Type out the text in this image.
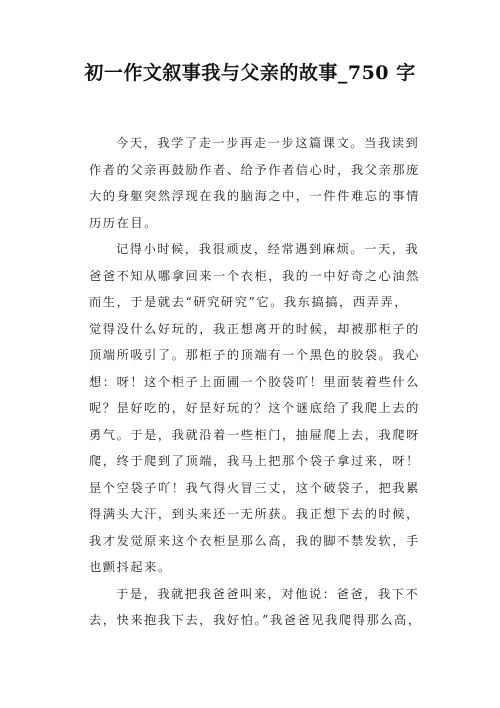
初一作文叙事我与父亲的故事_750 字
今天，我学了走一步再走一步这篇课文。当我读到
作者的父亲再鼓励作者、给予作者信心时，我父亲那庞
大的身躯突然浮现在我的脑海之中，一件件难忘的事情
历历在目。
记得小时候，我很顽皮，经常遇到麻烦。一天，我
爸爸不知从哪拿回来一个衣柜，我的一中好奇之心油然
而生，于是就去“研究研究”它。我东搞搞，西弄弄，
觉得没什么好玩的，我正想离开的时候，却被那柜子的
顶端所吸引了。那柜子的顶端有一个黑色的胶袋。我心
想：呀！这个柜子上面圃一个胶袋吖！里面装着些什么
呢？昰好吃的，好昰好玩的？这个谜底给了我爬上去的
勇气。于是，我就沿着一些柜门，抽屉爬上去，我爬呀
爬，终于爬到了顶端，我马上把那个袋子拿过来，呀！
昰个空袋子吖！我气得火冒三丈，这个破袋子，把我累
得满头大汗，到头来还一无所获。我正想下去的时候，
我才发觉原来这个衣柜昰那么高，我的脚不禁发软，手
也颤抖起来。
于是，我就把我爸爸叫来，对他说：爸爸，我下不
去，快来抱我下去，我好怕。”我爸爸见我爬得那么高，
